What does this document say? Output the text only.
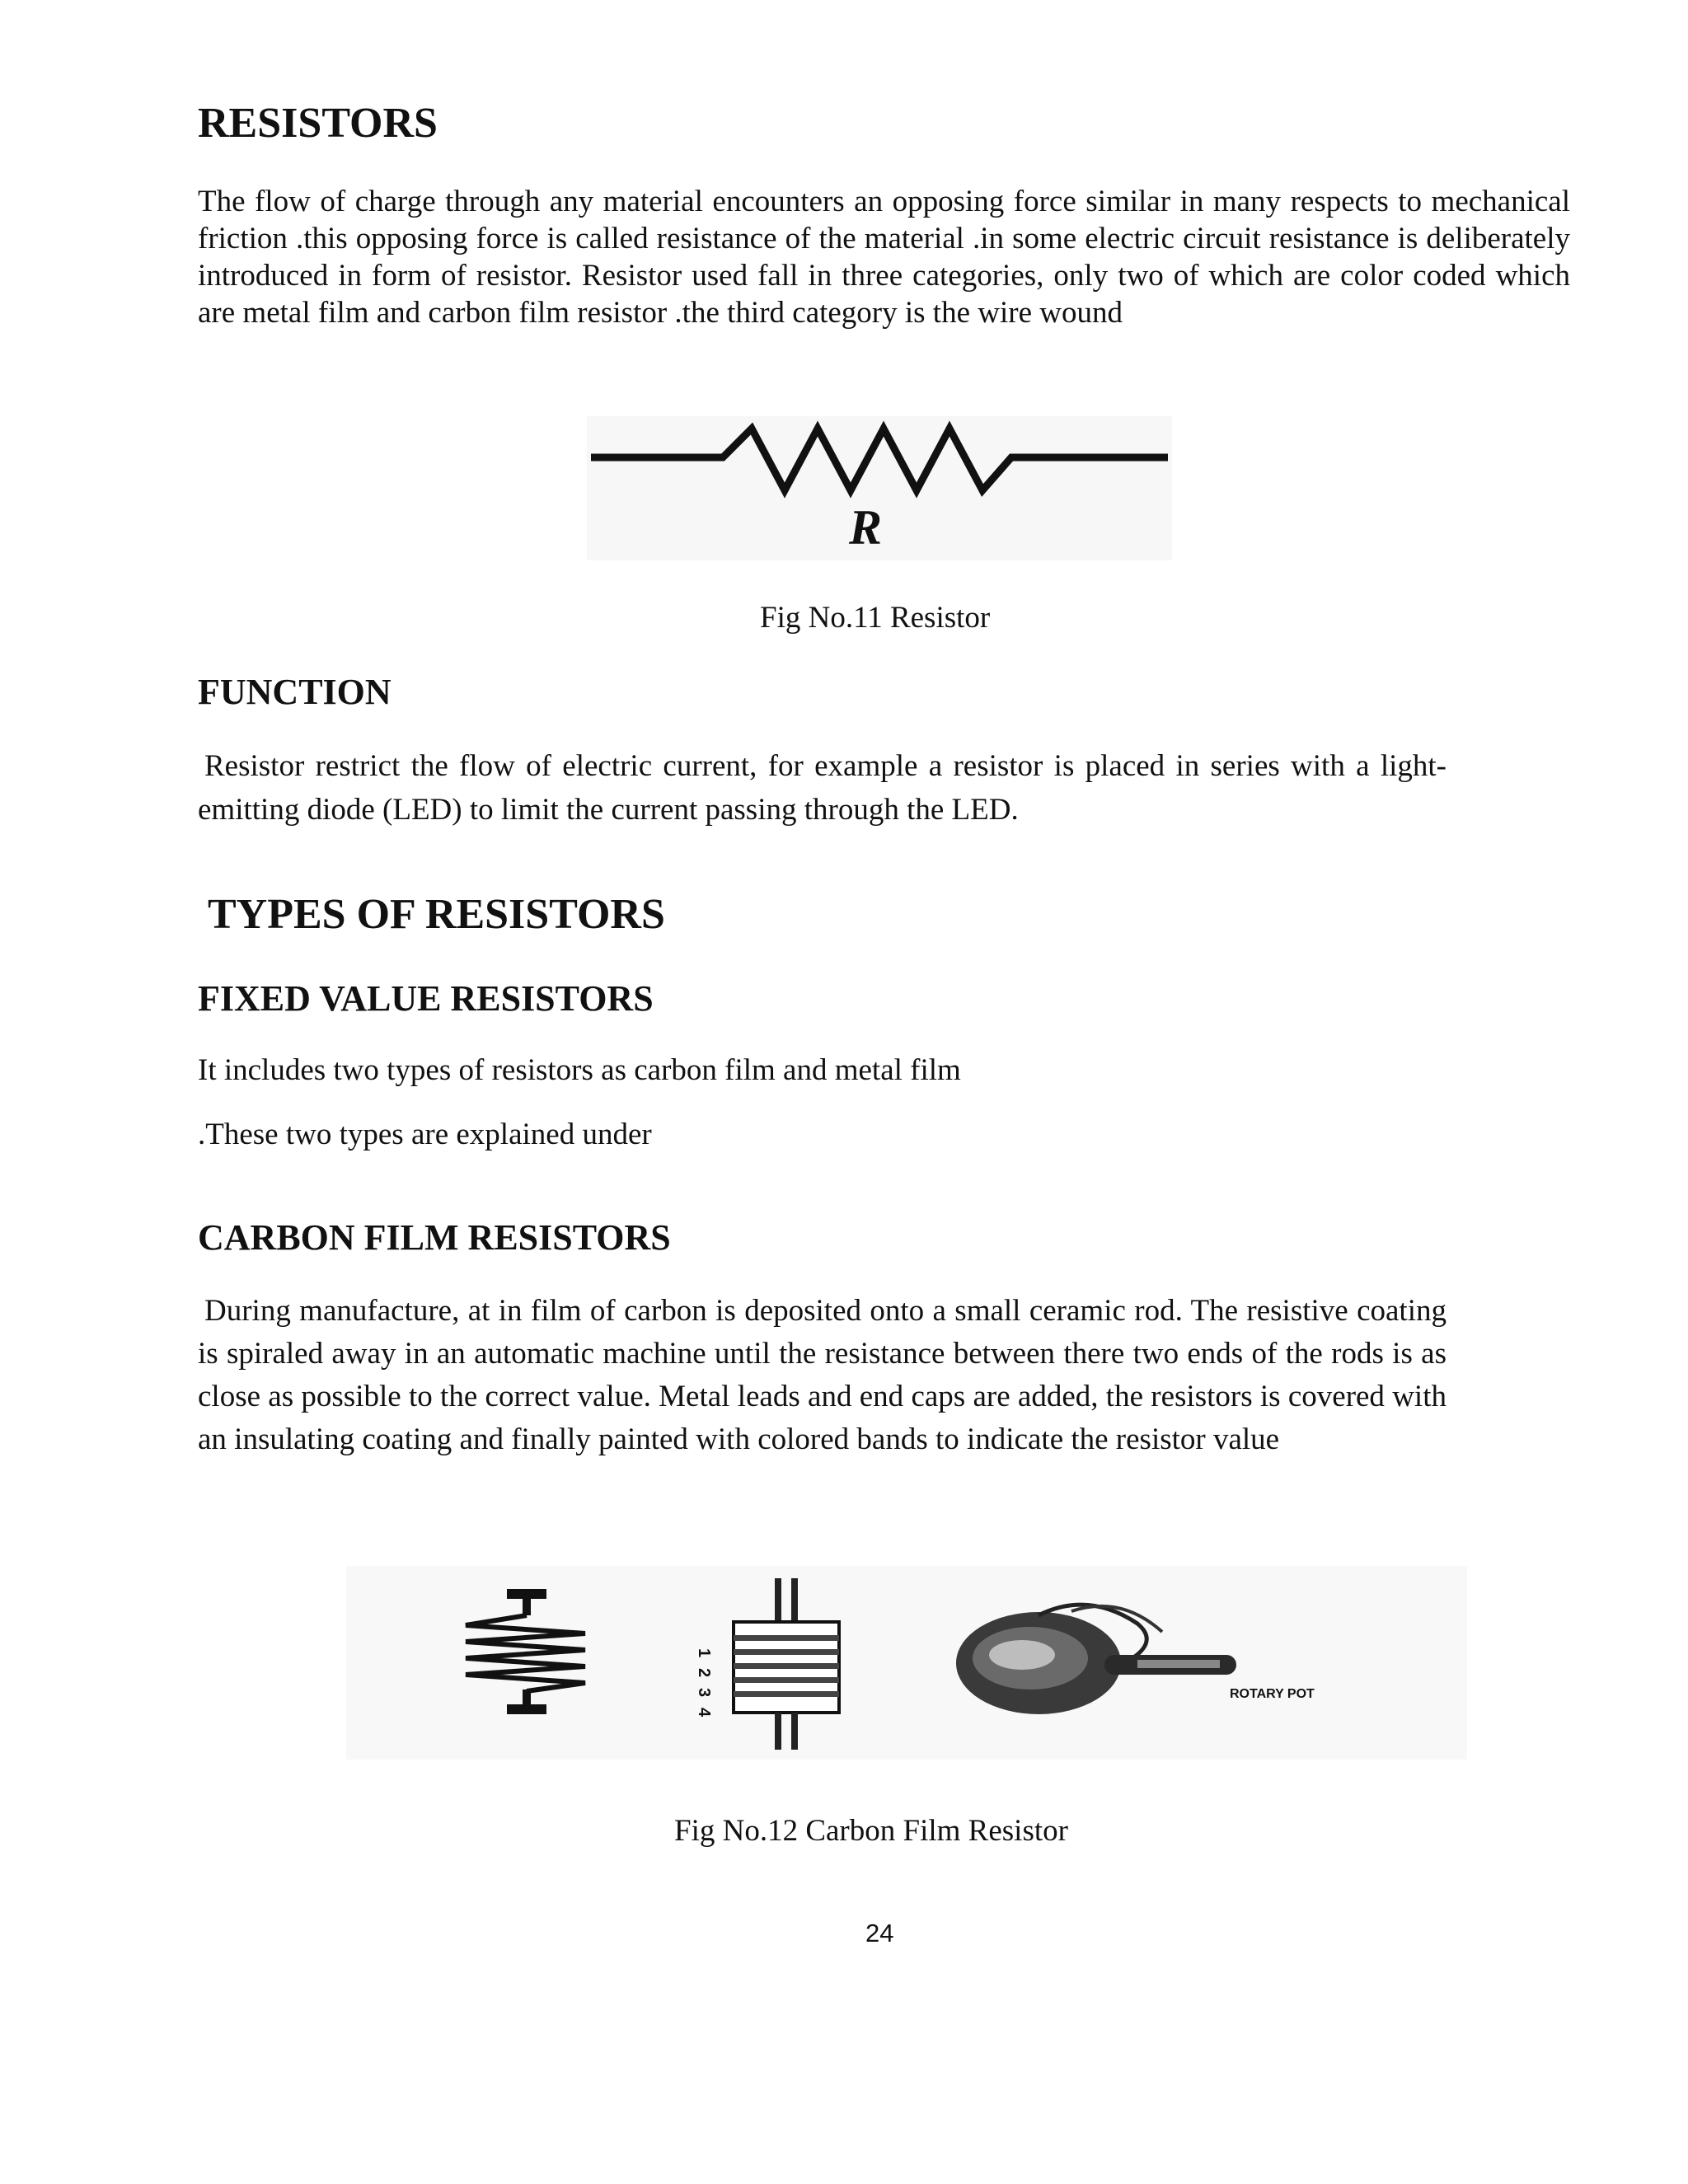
RESISTORS

The flow of charge through any material encounters an opposing force similar in many respects to mechanical friction .this opposing force is called resistance of the material .in some electric circuit resistance is deliberately introduced in form of resistor. Resistor used fall in three categories, only two of which are color coded which are metal film and carbon film resistor .the third category is the wire wound

R

Fig No.11 Resistor

FUNCTION

Resistor restrict the flow of electric current, for example a resistor is placed in series with a light-emitting diode (LED) to limit the current passing through the LED.

TYPES OF RESISTORS
FIXED VALUE RESISTORS

It includes two types of resistors as carbon film and metal film

.These two types are explained under

CARBON FILM RESISTORS

During manufacture, at in film of carbon is deposited onto a small ceramic rod. The resistive coating is spiraled away in an automatic machine until the resistance between there two ends of the rods is as close as possible to the correct value. Metal leads and end caps are added, the resistors is covered with an insulating coating and finally painted with colored bands to indicate the resistor value

1
2
3
4
ROTARY POT

Fig No.12 Carbon Film Resistor

24
